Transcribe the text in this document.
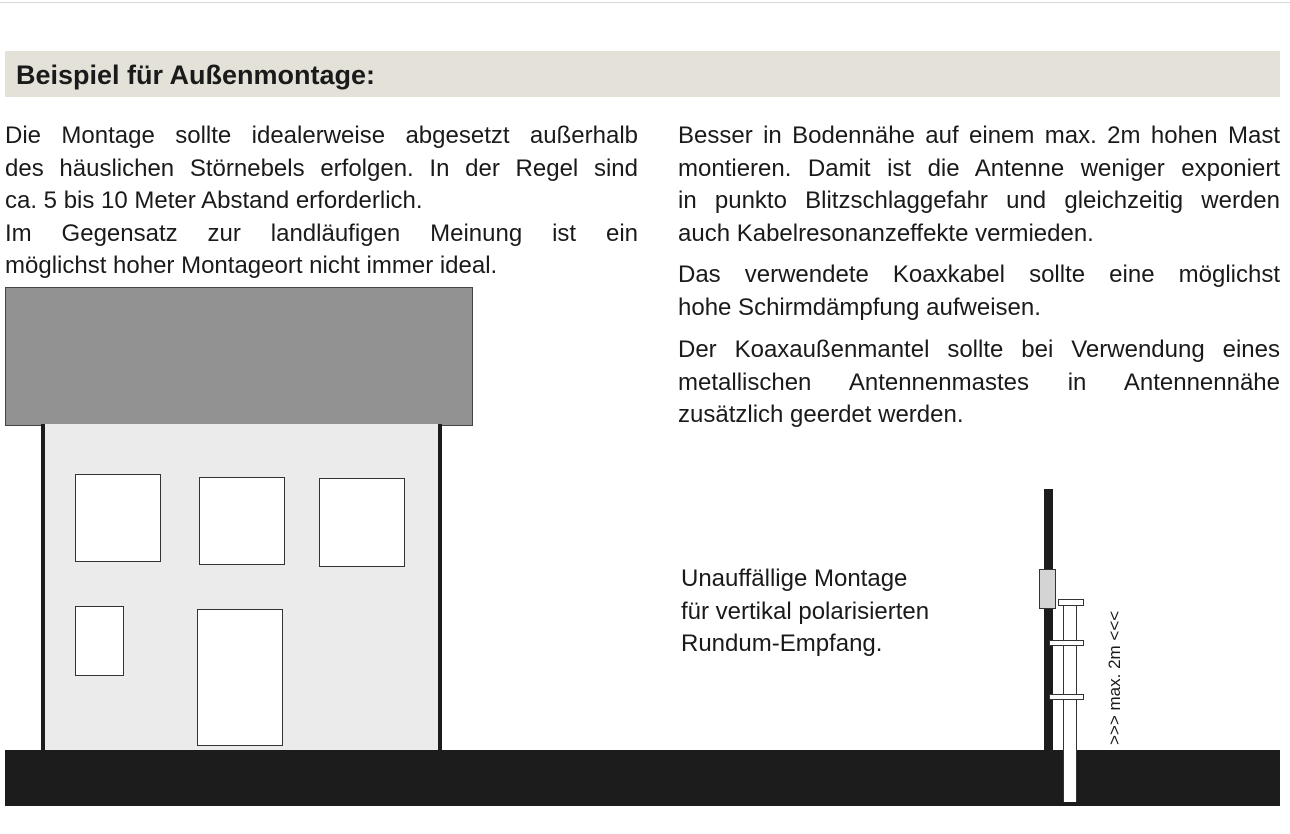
Beispiel für Außenmontage:
Die Montage sollte idealerweise abgesetzt außerhalb
des häuslichen Störnebels erfolgen. In der Regel sind
ca. 5 bis 10 Meter Abstand erforderlich.
Im Gegensatz zur landläufigen Meinung ist ein
möglichst hoher Montageort nicht immer ideal.
Besser in Bodennähe auf einem max. 2m hohen Mast
montieren. Damit ist die Antenne weniger exponiert
in punkto Blitzschlaggefahr und gleichzeitig werden
auch Kabelresonanzeffekte vermieden.
Das verwendete Koaxkabel sollte eine möglichst
hohe Schirmdämpfung aufweisen.
Der Koaxaußenmantel sollte bei Verwendung eines
metallischen Antennenmastes in Antennennähe
zusätzlich geerdet werden.
Unauffällige Montage
für vertikal polarisierten
Rundum-Empfang.	>>> max. 2m <<<
